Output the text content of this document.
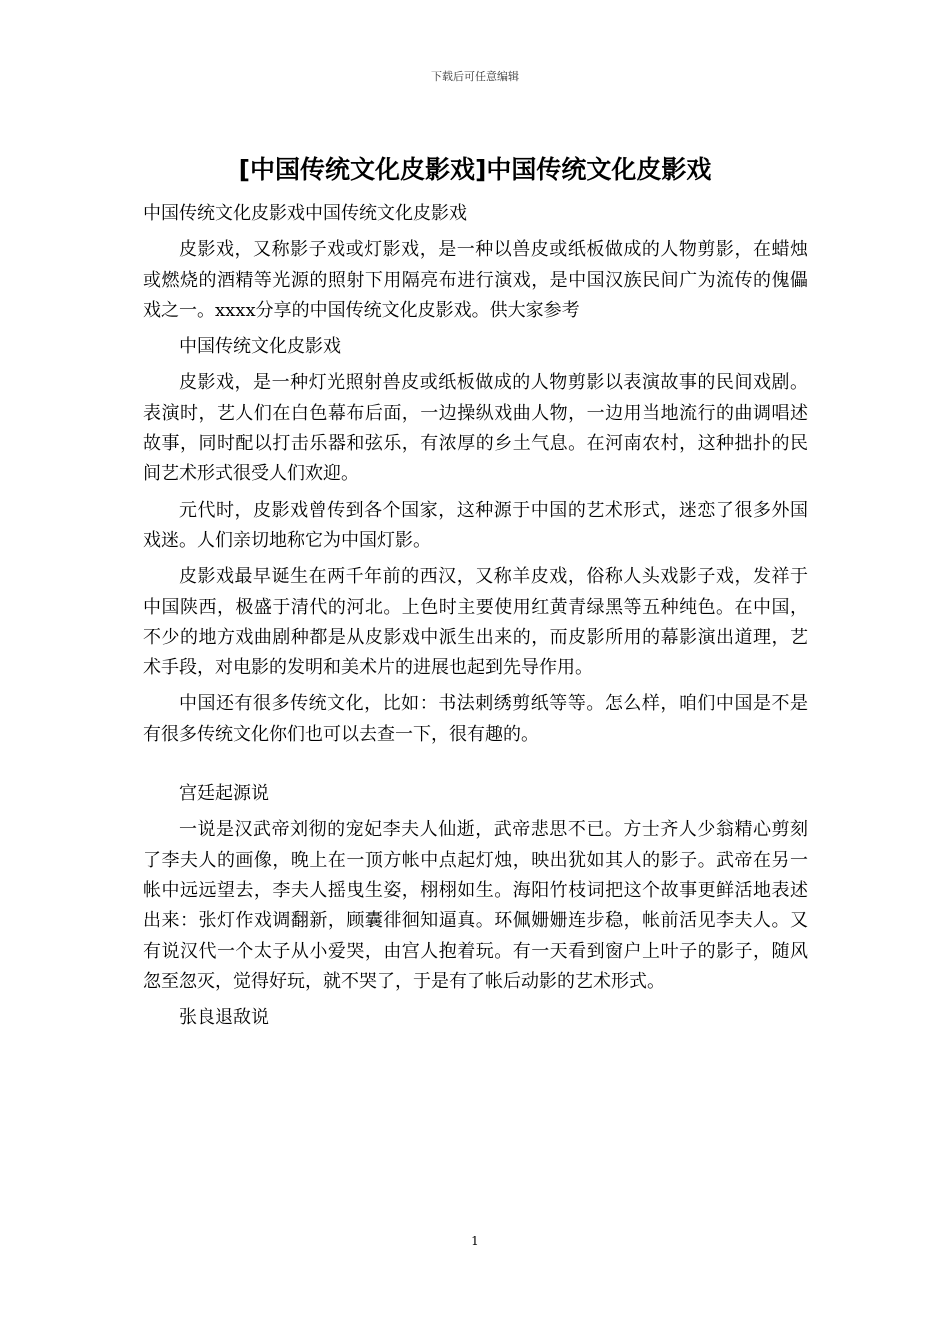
下载后可任意编辑
[中国传统文化皮影戏]中国传统文化皮影戏

中国传统文化皮影戏中国传统文化皮影戏

皮影戏，又称影子戏或灯影戏，是一种以兽皮或纸板做成的人物剪影，在蜡烛或燃烧的酒精等光源的照射下用隔亮布进行演戏，是中国汉族民间广为流传的傀儡戏之一。xxxx分享的中国传统文化皮影戏。供大家参考

中国传统文化皮影戏

皮影戏，是一种灯光照射兽皮或纸板做成的人物剪影以表演故事的民间戏剧。表演时，艺人们在白色幕布后面，一边操纵戏曲人物，一边用当地流行的曲调唱述故事，同时配以打击乐器和弦乐，有浓厚的乡土气息。在河南农村，这种拙扑的民间艺术形式很受人们欢迎。

元代时，皮影戏曾传到各个国家，这种源于中国的艺术形式，迷恋了很多外国戏迷。人们亲切地称它为中国灯影。

皮影戏最早诞生在两千年前的西汉，又称羊皮戏，俗称人头戏影子戏，发祥于中国陕西，极盛于清代的河北。上色时主要使用红黄青绿黑等五种纯色。在中国，不少的地方戏曲剧种都是从皮影戏中派生出来的，而皮影所用的幕影演出道理，艺术手段，对电影的发明和美术片的进展也起到先导作用。

中国还有很多传统文化，比如：书法刺绣剪纸等等。怎么样，咱们中国是不是有很多传统文化你们也可以去查一下，很有趣的。

宫廷起源说

一说是汉武帝刘彻的宠妃李夫人仙逝，武帝悲思不已。方士齐人少翁精心剪刻了李夫人的画像，晚上在一顶方帐中点起灯烛，映出犹如其人的影子。武帝在另一帐中远远望去，李夫人摇曳生姿，栩栩如生。海阳竹枝词把这个故事更鲜活地表述出来：张灯作戏调翻新，顾囊徘徊知逼真。环佩姗姗连步稳，帐前活见李夫人。又有说汉代一个太子从小爱哭，由宫人抱着玩。有一天看到窗户上叶子的影子，随风忽至忽灭，觉得好玩，就不哭了，于是有了帐后动影的艺术形式。

张良退敌说

1
